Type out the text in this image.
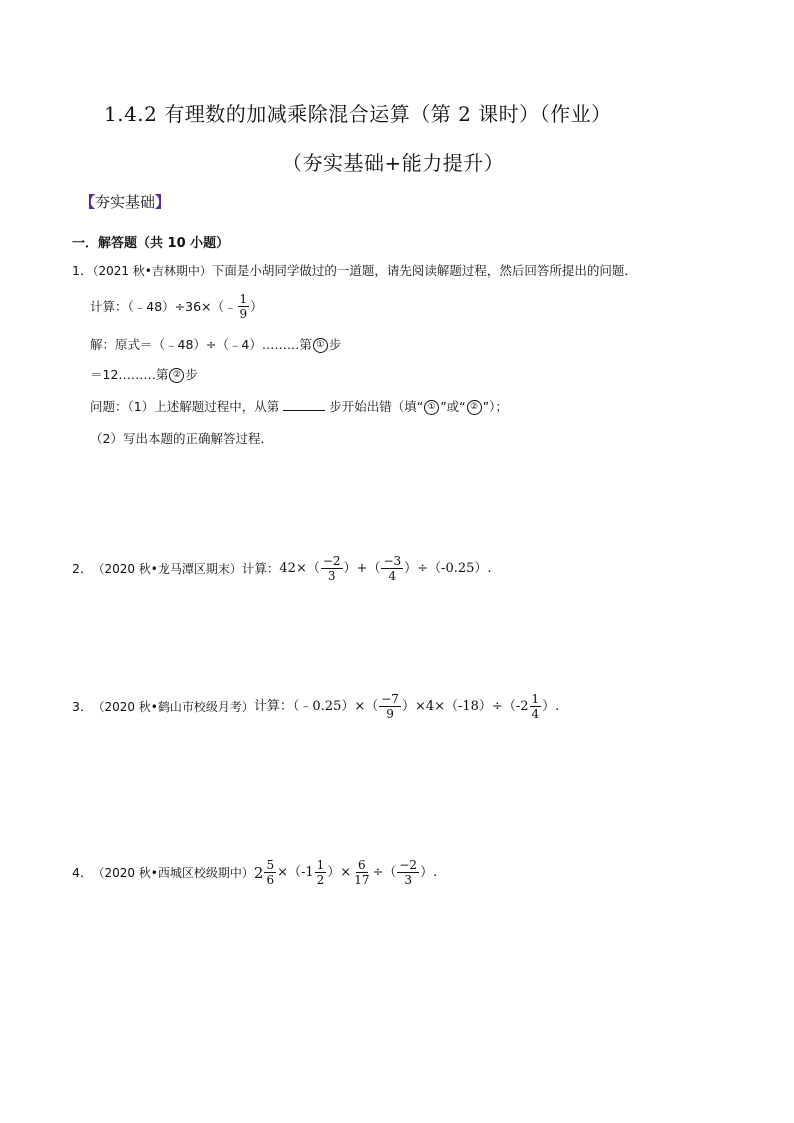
1.4.2 有理数的加减乘除混合运算（第 2 课时）（作业）
（夯实基础+能力提升）
【夯实基础】
一．解答题（共 10 小题）
1．（2021 秋•吉林期中）下面是小胡同学做过的一道题，请先阅读解题过程，然后回答所提出的问题．
计算：（﹣48）÷36×（﹣ $\frac{1}{9}$ ）
解：原式＝（﹣48）÷（﹣4）………第 ① 步
＝12………第 ② 步
问题：（1）上述解题过程中，从第	步开始出错（填“ ① ”或“ ② ”）；
（2）写出本题的正确解答过程．
2． （2020 秋•龙马潭区期末） 计算： $42\times( \frac{-2}{3}$ ）+（ $\frac{-3}{4} )\div(-0.25)$.
3． （2020 秋•鹤山市校级月考） 计算：（﹣0.25）×（ $\frac{-7}{9} )\times 4\times(-18)\div(-2 \frac{1}{4}$ ）.
4． （2020 秋•西城区校级期中） $2 \frac{5}{6} \times(-1 \frac{1}{2}$ ）× $\frac{6}{17}$ ÷（ $\frac{-2}{3}$ ）.
